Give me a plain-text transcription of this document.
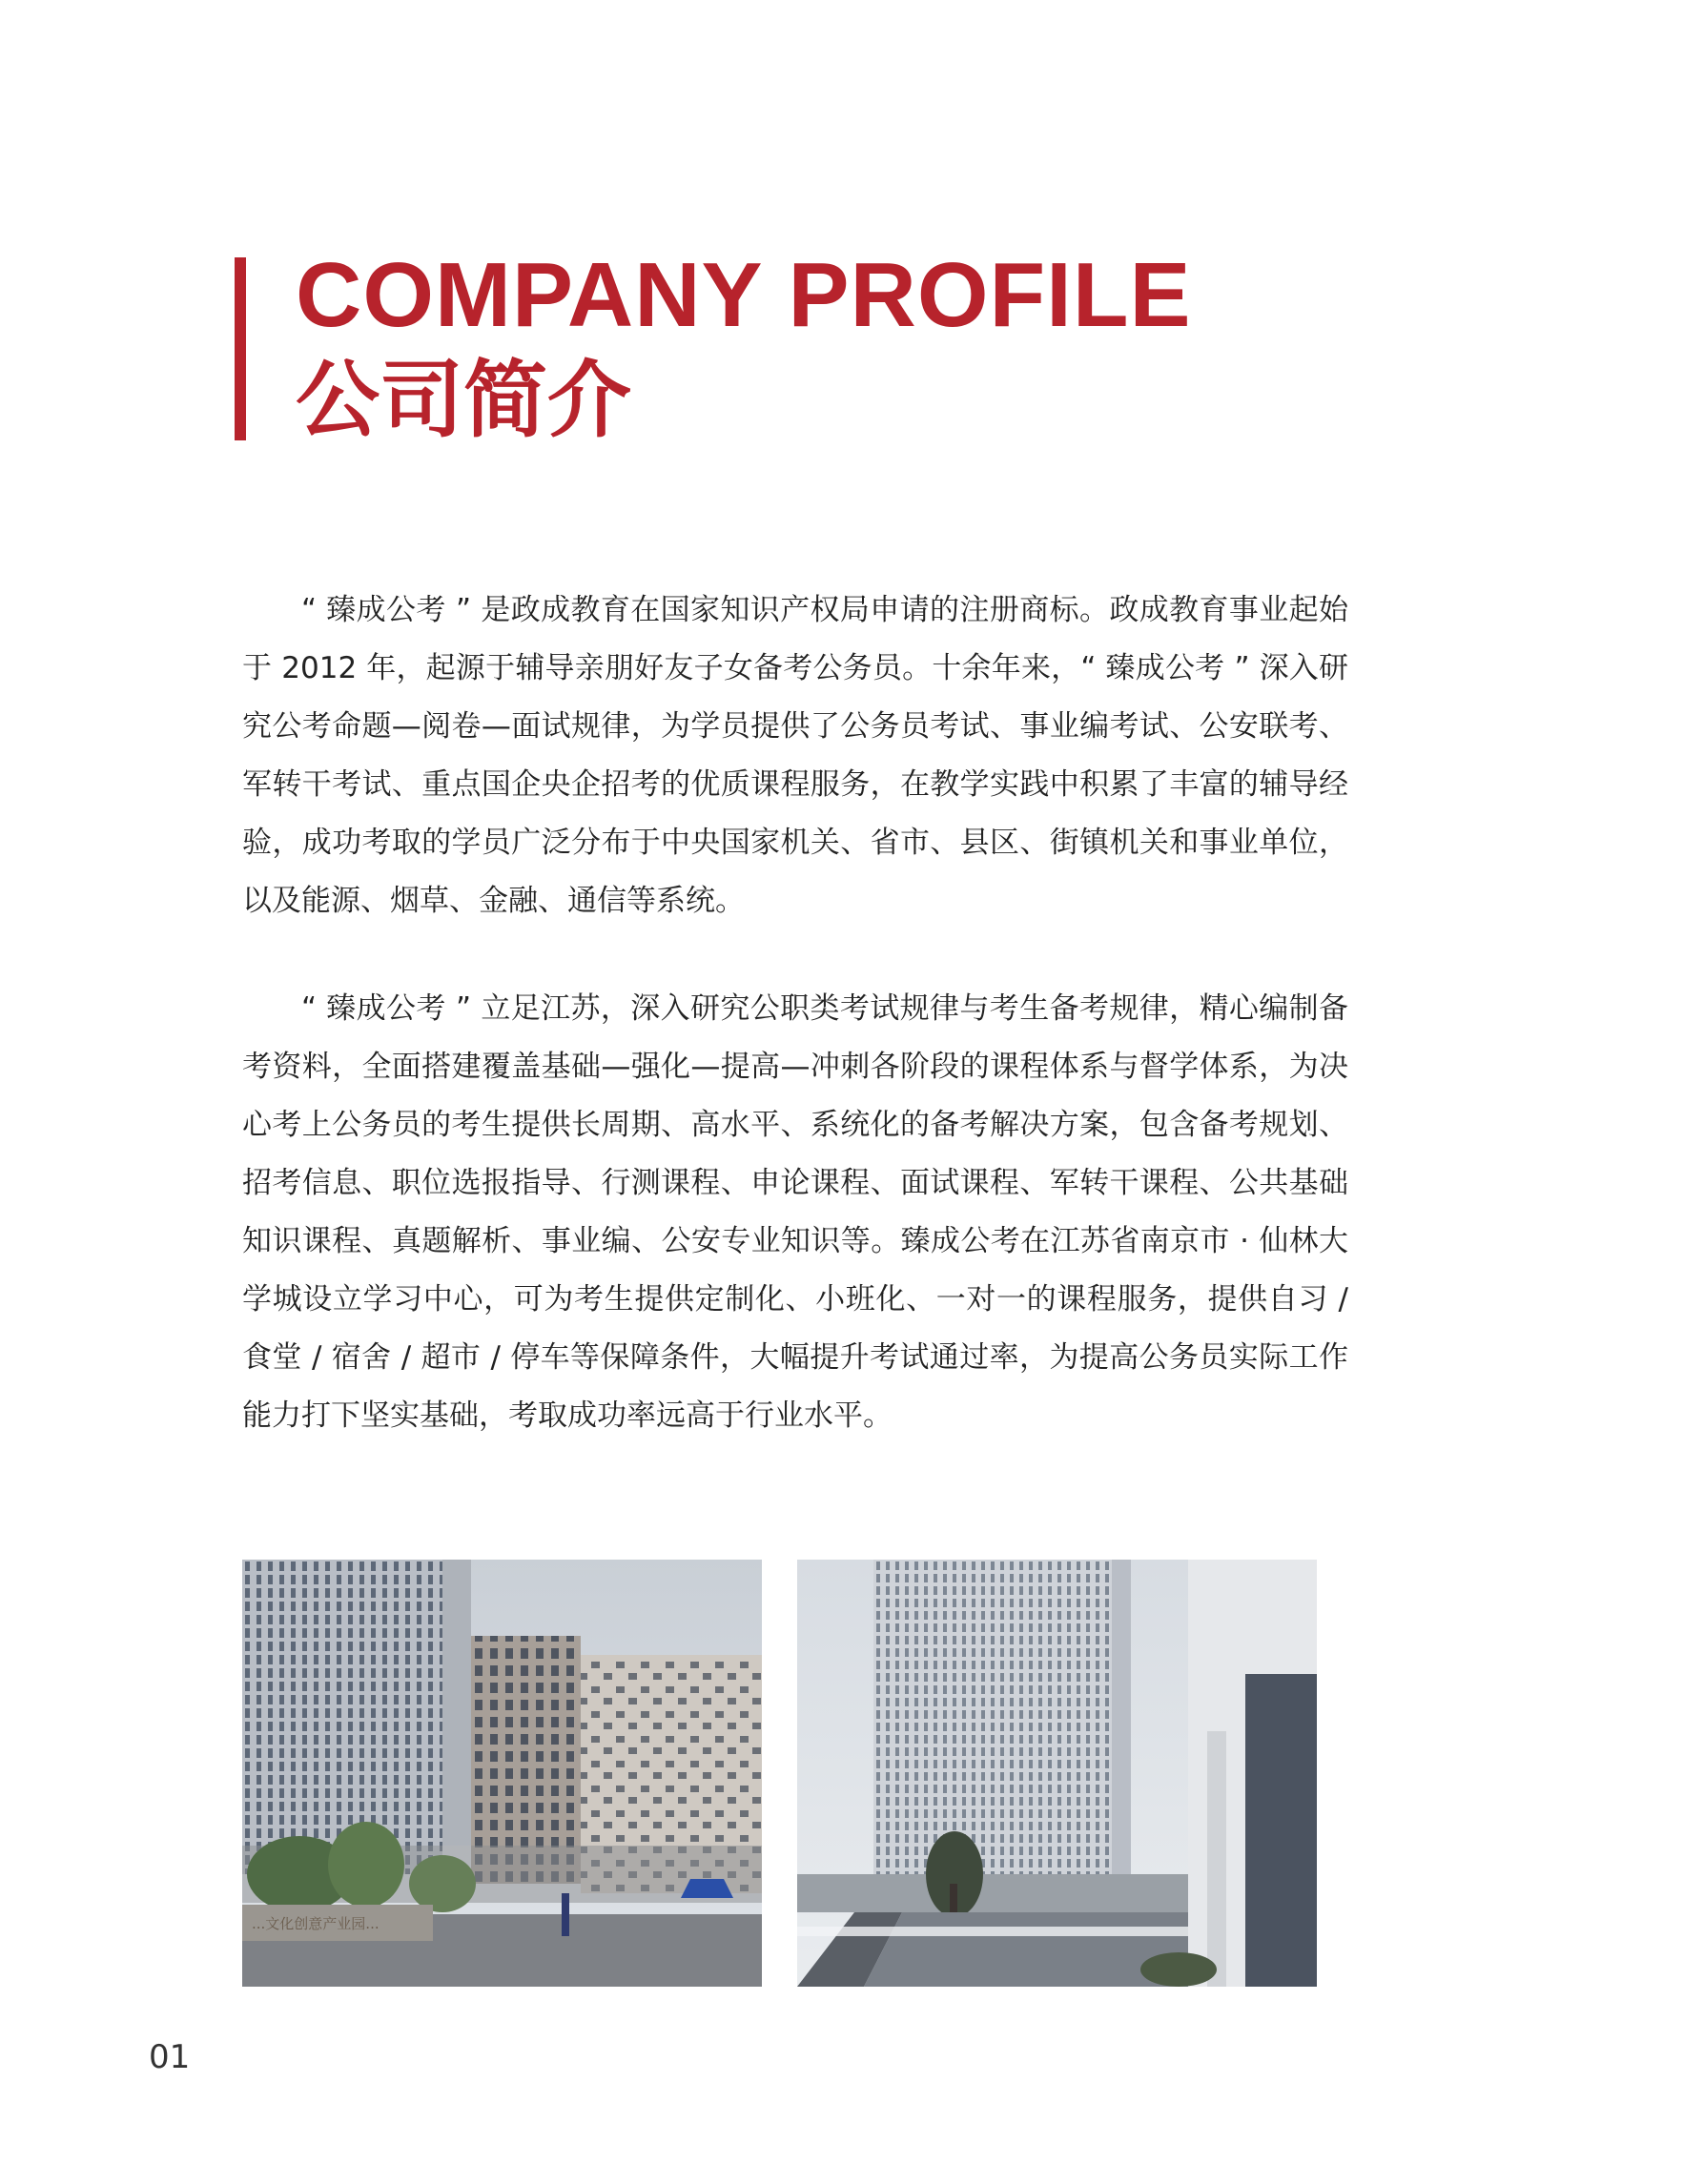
COMPANY PROFILE
公司简介

“ 臻成公考 ” 是政成教育在国家知识产权局申请的注册商标。政成教育事业起始于 2012 年，起源于辅导亲朋好友子女备考公务员。十余年来，“ 臻成公考 ” 深入研究公考命题—阅卷—面试规律，为学员提供了公务员考试、事业编考试、公安联考、军转干考试、重点国企央企招考的优质课程服务，在教学实践中积累了丰富的辅导经验，成功考取的学员广泛分布于中央国家机关、省市、县区、街镇机关和事业单位，以及能源、烟草、金融、通信等系统。

“ 臻成公考 ” 立足江苏，深入研究公职类考试规律与考生备考规律，精心编制备考资料，全面搭建覆盖基础—强化—提高—冲刺各阶段的课程体系与督学体系，为决心考上公务员的考生提供长周期、高水平、系统化的备考解决方案，包含备考规划、招考信息、职位选报指导、行测课程、申论课程、面试课程、军转干课程、公共基础知识课程、真题解析、事业编、公安专业知识等。臻成公考在江苏省南京市 · 仙林大学城设立学习中心，可为考生提供定制化、小班化、一对一的课程服务，提供自习 / 食堂 / 宿舍 / 超市 / 停车等保障条件，大幅提升考试通过率，为提高公务员实际工作能力打下坚实基础，考取成功率远高于行业水平。

...文化创意产业园...
01
